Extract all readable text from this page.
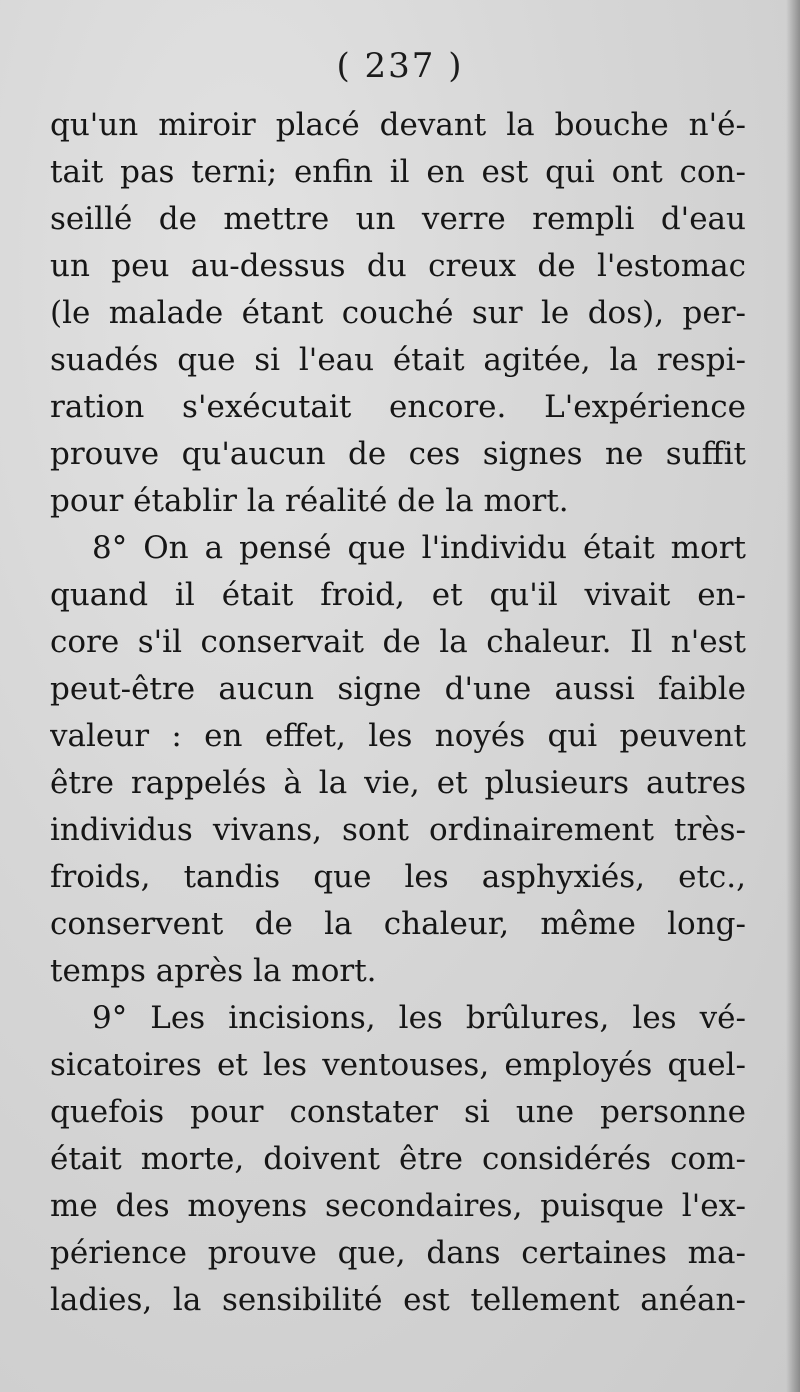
( 237 )
qu'un miroir placé devant la bouche n'é-
tait pas terni; enfin il en est qui ont con-
seillé de mettre un verre rempli d'eau
un peu au-dessus du creux de l'estomac
(le malade étant couché sur le dos), per-
suadés que si l'eau était agitée, la respi-
ration s'exécutait encore. L'expérience
prouve qu'aucun de ces signes ne suffit
pour établir la réalité de la mort.
8° On a pensé que l'individu était mort
quand il était froid, et qu'il vivait en-
core s'il conservait de la chaleur. Il n'est
peut-être aucun signe d'une aussi faible
valeur : en effet, les noyés qui peuvent
être rappelés à la vie, et plusieurs autres
individus vivans, sont ordinairement très-
froids, tandis que les asphyxiés, etc.,
conservent de la chaleur, même long-
temps après la mort.
9° Les incisions, les brûlures, les vé-
sicatoires et les ventouses, employés quel-
quefois pour constater si une personne
était morte, doivent être considérés com-
me des moyens secondaires, puisque l'ex-
périence prouve que, dans certaines ma-
ladies, la sensibilité est tellement anéan-
